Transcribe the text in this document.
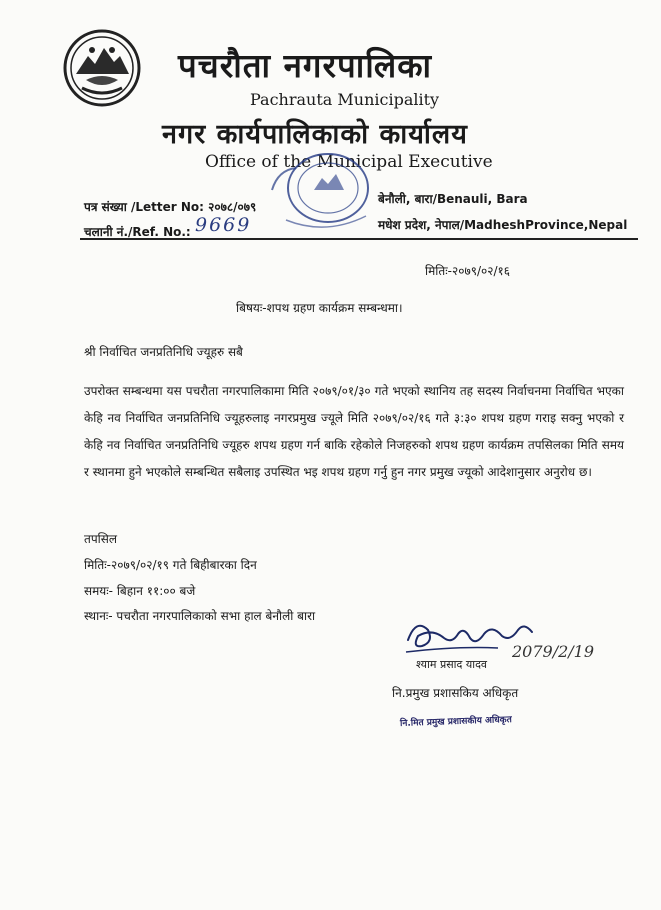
पचरौता नगरपालिका
Pachrauta Municipality
नगर कार्यपालिकाको कार्यालय
Office of the Municipal Executive
पत्र संख्या /Letter No: २०७८/०७९
चलानी नं./Ref. No.: 9669
बेनौली, बारा/Benauli, Bara
मधेश प्रदेश, नेपाल/MadheshProvince,Nepal
मितिः-२०७९/०२/१६
बिषयः-शपथ ग्रहण कार्यक्रम सम्बन्धमा।
श्री निर्वाचित जनप्रतिनिधि ज्यूहरु सबै
उपरोक्त सम्बन्धमा यस पचरौता नगरपालिकामा मिति २०७९/०१/३० गते भएको स्थानिय तह सदस्य निर्वाचनमा निर्वाचित भएका केहि नव निर्वाचित जनप्रतिनिधि ज्यूहरुलाइ नगरप्रमुख ज्यूले मिति २०७९/०२/१६ गते ३:३० शपथ ग्रहण गराइ सक्नु भएको र केहि नव निर्वाचित जनप्रतिनिधि ज्यूहरु शपथ ग्रहण गर्न बाकि रहेकोले निजहरुको शपथ ग्रहण कार्यक्रम तपसिलका मिति समय र स्थानमा हुने भएकोले सम्बन्धित सबैलाइ उपस्थित भइ शपथ ग्रहण गर्नु हुन नगर प्रमुख ज्यूको आदेशानुसार अनुरोध छ।
तपसिल
मितिः-२०७९/०२/१९ गते बिहीबारका दिन
समयः- बिहान ११:०० बजे
स्थानः- पचरौता नगरपालिकाको सभा हाल बेनौली बारा
2079/2/19
श्याम प्रसाद यादव
नि.प्रमुख प्रशासकिय अधिकृत
नि.मित प्रमुख प्रशासकीय अधिकृत
